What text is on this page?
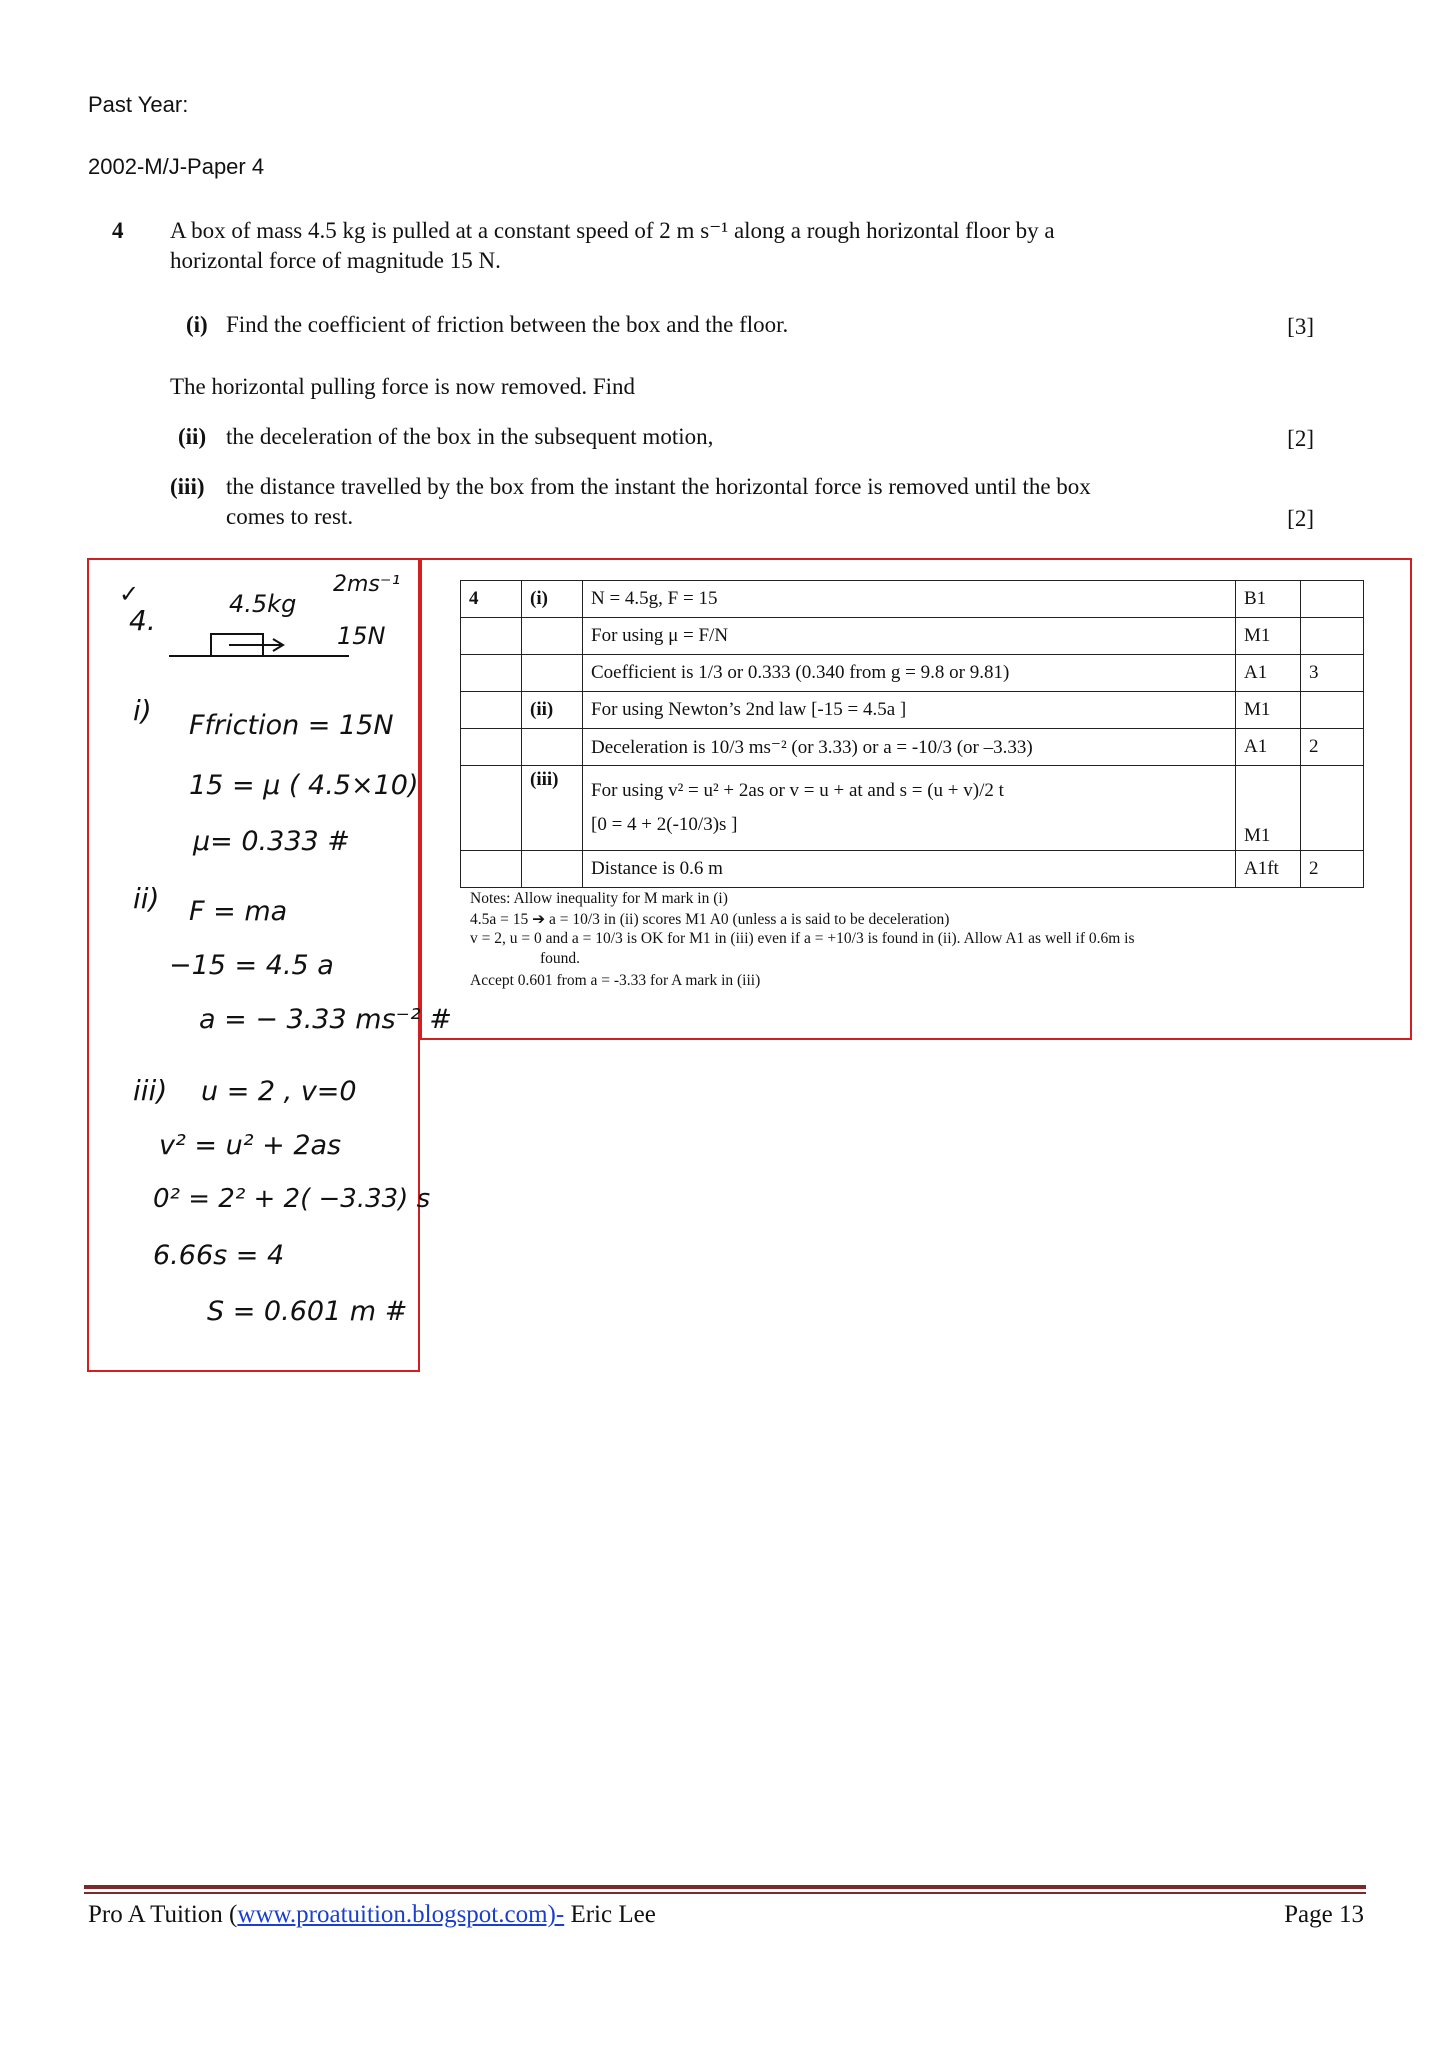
Past Year:
2002-M/J-Paper 4
4 A box of mass 4.5 kg is pulled at a constant speed of 2 m s⁻¹ along a rough horizontal floor by a
horizontal force of magnitude 15 N.
(i) Find the coefficient of friction between the box and the floor.	[3]
The horizontal pulling force is now removed. Find
(ii) the deceleration of the box in the subsequent motion,	[2]
(iii) the distance travelled by the box from the instant the horizontal force is removed until the box
comes to rest.	[2]
✓
4.	4.5kg
2ms⁻¹
15N
i) Ffriction = 15N
15 = μ ( 4.5×10)
μ= 0.333 #
ii) F = ma
−15 = 4.5 a
a = − 3.33 ms⁻² #
iii) u = 2 , v=0
v² = u² + 2as
0² = 2² + 2( −3.33) s
6.66s = 4
S = 0.601 m #
4	(i)	N = 4.5g, F = 15	B1	
		For using μ = F/N	M1	
		Coefficient is 1/3 or 0.333 (0.340 from g = 9.8 or 9.81)	A1	3
	(ii)	For using Newton’s 2nd law [-15 = 4.5a ]	M1	
		Deceleration is 10/3 ms⁻² (or 3.33) or a = -10/3 (or –3.33)	A1	2
	(iii)	For using v² = u² + 2as or v = u + at and s = (u + v)/2 t
[0 = 4 + 2(-10/3)s ]	M1	
		Distance is 0.6 m	A1ft	2
Notes: Allow inequality for M mark in (i)
4.5a = 15 ➔ a = 10/3 in (ii) scores M1 A0 (unless a is said to be deceleration)
v = 2, u = 0 and a = 10/3 is OK for M1 in (iii) even if a = +10/3 is found in (ii). Allow A1 as well if 0.6m is
found.
Accept 0.601 from a = -3.33 for A mark in (iii)
Pro A Tuition (www.proatuition.blogspot.com)- Eric Lee	Page 13
